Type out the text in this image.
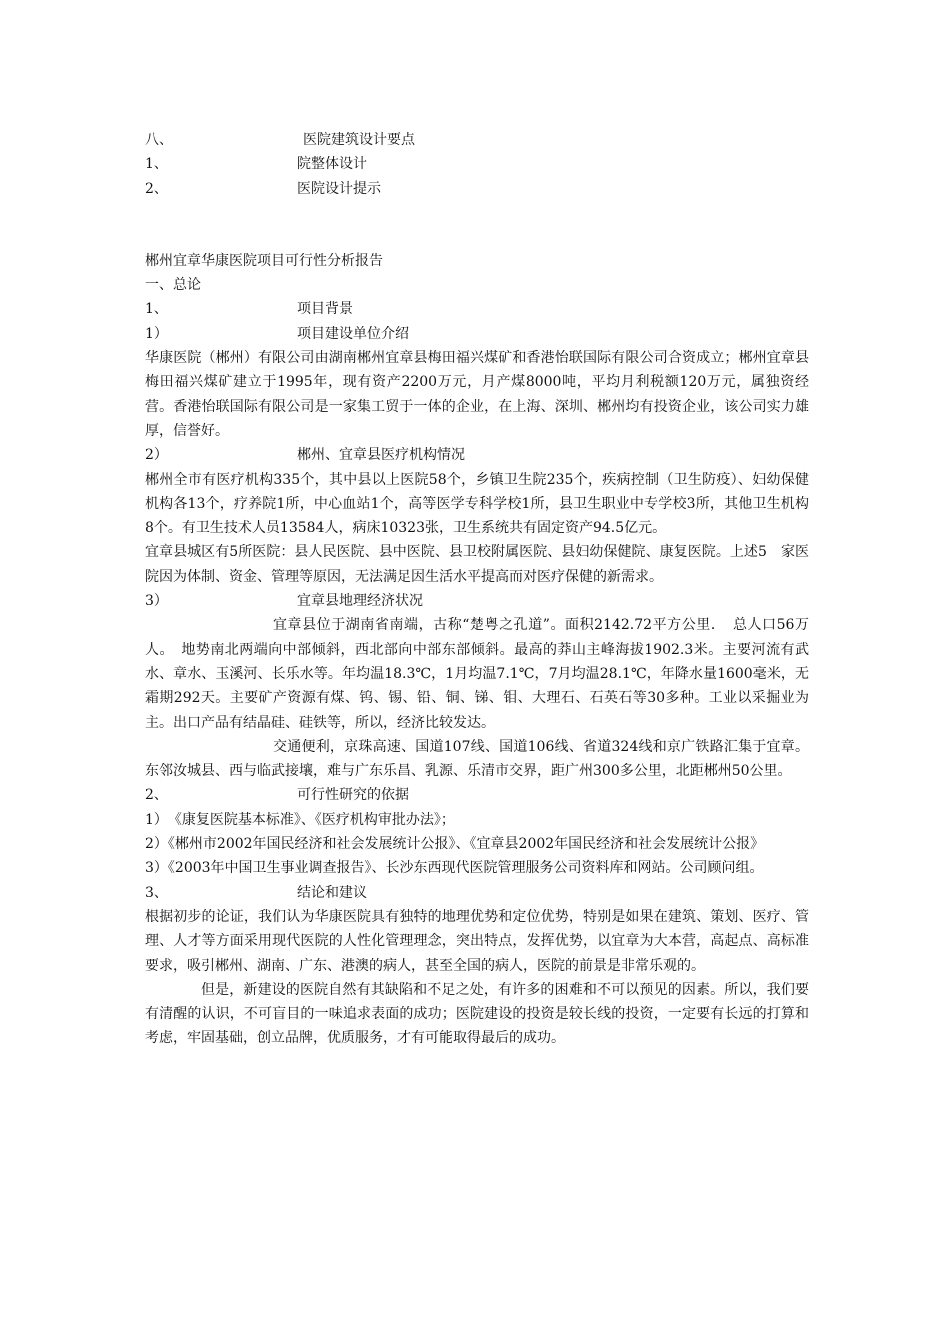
八、	医院建筑设计要点
1、	院整体设计
2、	医院设计提示
郴州宜章华康医院项目可行性分析报告
一、总论
1、	项目背景
1）	项目建设单位介绍

华康医院（郴州）有限公司由湖南郴州宜章县梅田福兴煤矿和香港怡联国际有限公司合资成立；郴州宜章县梅田福兴煤矿建立于1995年，现有资产2200万元，月产煤8000吨，平均月利税额120万元，属独资经营。香港怡联国际有限公司是一家集工贸于一体的企业，在上海、深圳、郴州均有投资企业，该公司实力雄厚，信誉好。

2）	郴州、宜章县医疗机构情况

郴州全市有医疗机构335个，其中县以上医院58个，乡镇卫生院235个，疾病控制（卫生防疫）、妇幼保健机构各13个，疗养院1所，中心血站1个，高等医学专科学校1所，县卫生职业中专学校3所，其他卫生机构8个。有卫生技术人员13584人，病床10323张，卫生系统共有固定资产94.5亿元。

宜章县城区有5所医院：县人民医院、县中医院、县卫校附属医院、县妇幼保健院、康复医院。上述5　家医院因为体制、资金、管理等原因，无法满足因生活水平提高而对医疗保健的新需求。

3）	宜章县地理经济状况

宜章县位于湖南省南端，古称“楚粤之孔道”。面积2142.72平方公里．　总人口56万人。　地势南北两端向中部倾斜，西北部向中部东部倾斜。最高的莽山主峰海拔1902.3米。主要河流有武水、章水、玉溪河、长乐水等。年均温18.3℃，1月均温7.1℃，7月均温28.1℃，年降水量1600毫米，无霜期292天。主要矿产资源有煤、钨、锡、铅、铜、锑、钼、大理石、石英石等30多种。工业以采掘业为主。出口产品有结晶硅、硅铁等，所以，经济比较发达。

交通便利，京珠高速、国道107线、国道106线、省道324线和京广铁路汇集于宜章。东邻汝城县、西与临武接壤，难与广东乐昌、乳源、乐清市交界，距广州300多公里，北距郴州50公里。

2、	可行性研究的依据

1）　《康复医院基本标准》、《医疗机构审批办法》；

2）《郴州市2002年国民经济和社会发展统计公报》、《宜章县2002年国民经济和社会发展统计公报》

3）《2003年中国卫生事业调查报告》、长沙东西现代医院管理服务公司资料库和网站。公司顾问组。

3、	结论和建议

根据初步的论证，我们认为华康医院具有独特的地理优势和定位优势，特别是如果在建筑、策划、医疗、管理、人才等方面采用现代医院的人性化管理理念，突出特点，发挥优势，以宜章为大本营，高起点、高标准要求，吸引郴州、湖南、广东、港澳的病人，甚至全国的病人，医院的前景是非常乐观的。

但是，新建设的医院自然有其缺陷和不足之处，有许多的困难和不可以预见的因素。所以，我们要有清醒的认识，不可盲目的一味追求表面的成功；医院建设的投资是较长线的投资，一定要有长远的打算和考虑，牢固基础，创立品牌，优质服务，才有可能取得最后的成功。
